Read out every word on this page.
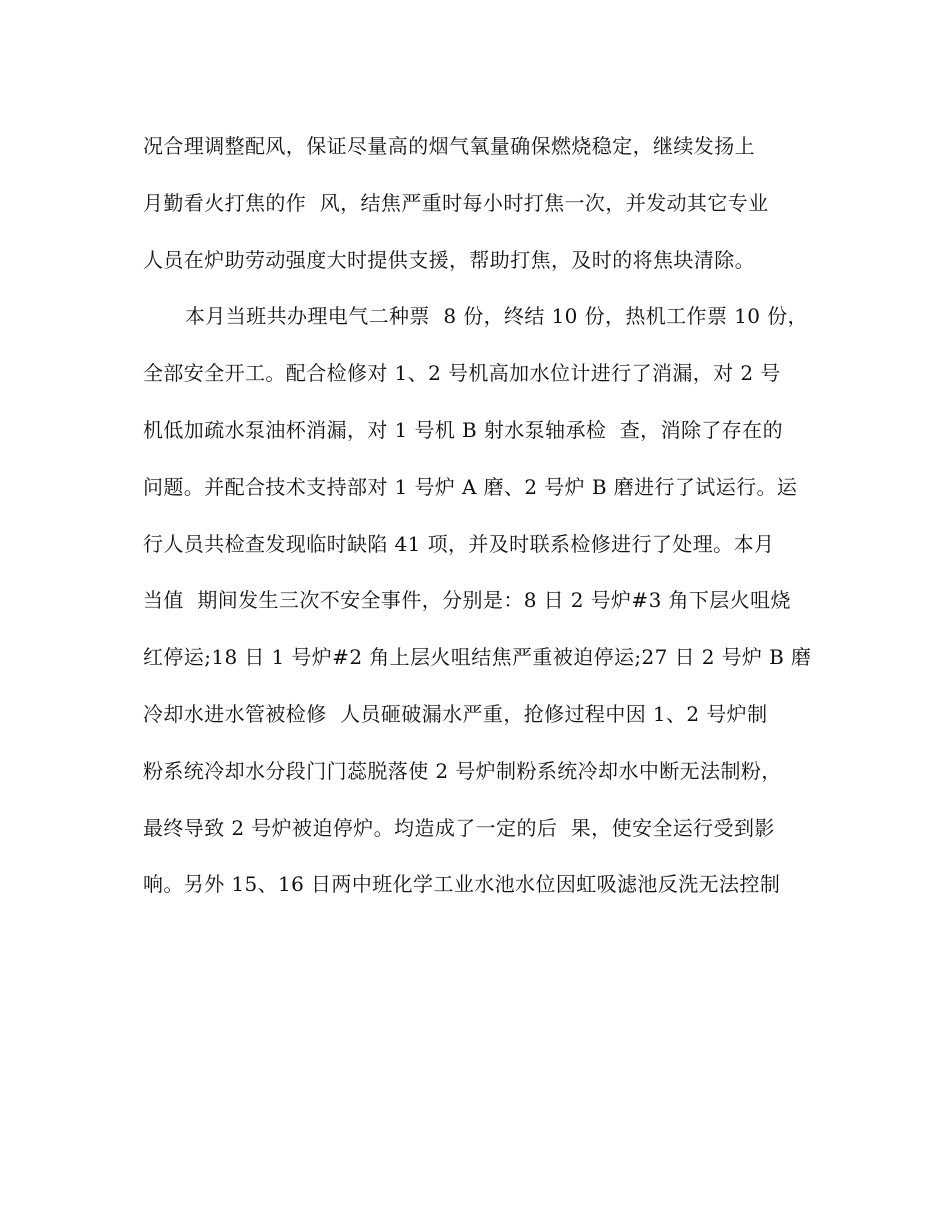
况合理调整配风，保证尽量高的烟气氧量确保燃烧稳定，继续发扬上
月勤看火打焦的作  风，结焦严重时每小时打焦一次，并发动其它专业
人员在炉助劳动强度大时提供支援，帮助打焦，及时的将焦块清除。
本月当班共办理电气二种票  8 份，终结 10 份，热机工作票 10 份，
全部安全开工。配合检修对 1、2 号机高加水位计进行了消漏，对 2 号
机低加疏水泵油杯消漏，对 1 号机 B 射水泵轴承检  查，消除了存在的
问题。并配合技术支持部对 1 号炉 A 磨、2 号炉 B 磨进行了试运行。运
行人员共检查发现临时缺陷 41 项，并及时联系检修进行了处理。本月
当值  期间发生三次不安全事件，分别是：8 日 2 号炉#3 角下层火咀烧
红停运;18 日 1 号炉#2 角上层火咀结焦严重被迫停运;27 日 2 号炉 B 磨
冷却水进水管被检修  人员砸破漏水严重，抢修过程中因 1、2 号炉制
粉系统冷却水分段门门蕊脱落使 2 号炉制粉系统冷却水中断无法制粉，
最终导致 2 号炉被迫停炉。均造成了一定的后  果，使安全运行受到影
响。另外 15、16 日两中班化学工业水池水位因虹吸滤池反洗无法控制
